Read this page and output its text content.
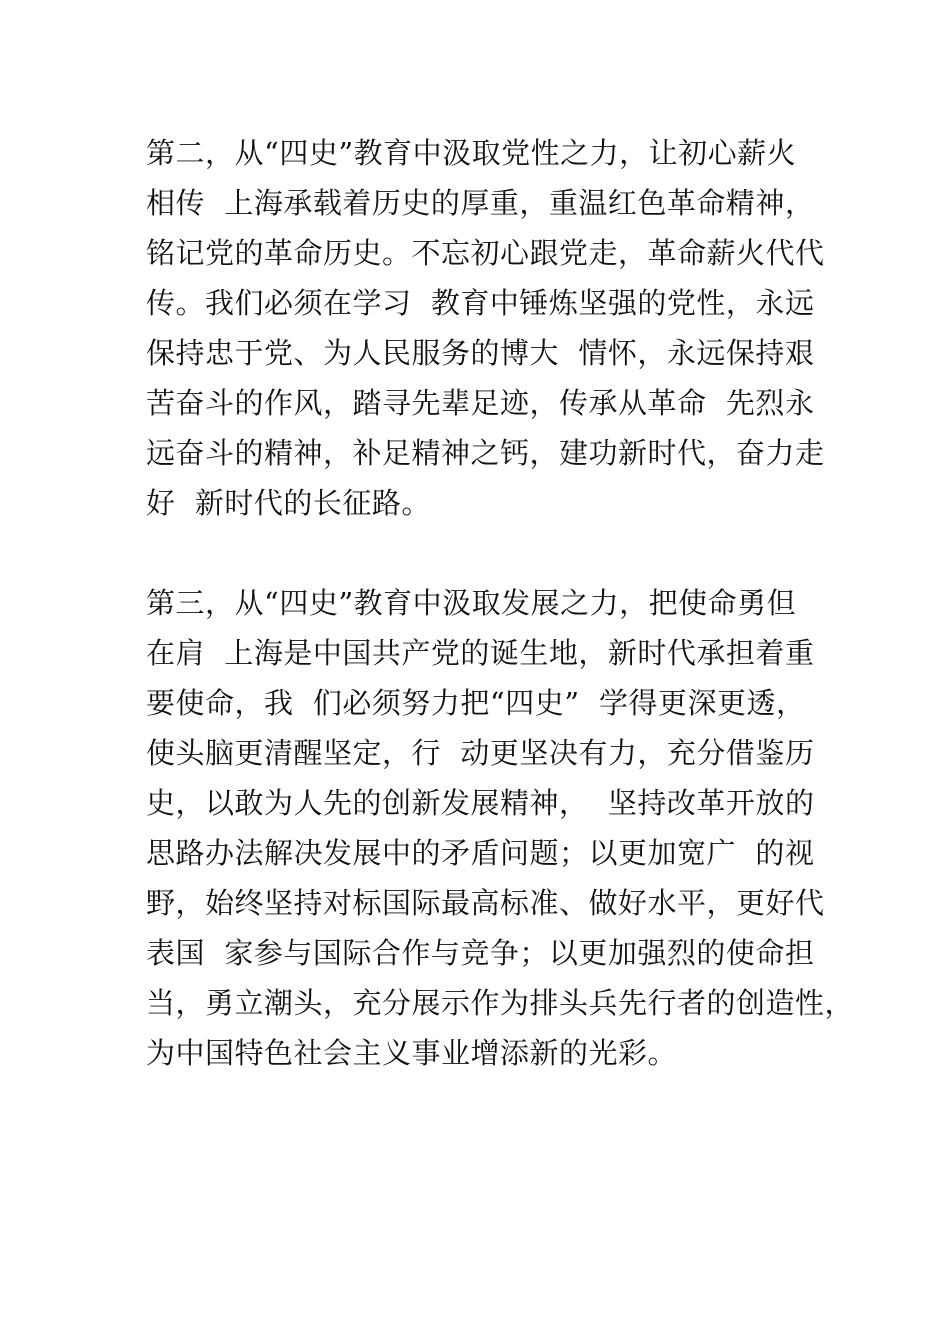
第二，从“四史”教育中汲取党性之力，让初心薪火
相传  上海承载着历史的厚重，重温红色革命精神，
铭记党的革命历史。不忘初心跟党走，革命薪火代代
传。我们必须在学习  教育中锤炼坚强的党性，永远
保持忠于党、为人民服务的博大  情怀，永远保持艰
苦奋斗的作风，踏寻先辈足迹，传承从革命  先烈永
远奋斗的精神，补足精神之钙，建功新时代，奋力走
好  新时代的长征路。
第三，从“四史”教育中汲取发展之力，把使命勇但
在肩  上海是中国共产党的诞生地，新时代承担着重
要使命，我  们必须努力把“四史”  学得更深更透，
使头脑更清醒坚定，行  动更坚决有力，充分借鉴历
史，以敢为人先的创新发展精神，  坚持改革开放的
思路办法解决发展中的矛盾问题；以更加宽广  的视
野，始终坚持对标国际最高标准、做好水平，更好代
表国  家参与国际合作与竞争；以更加强烈的使命担
当，勇立潮头，充分展示作为排头兵先行者的创造性，
为中国特色社会主义事业增添新的光彩。
